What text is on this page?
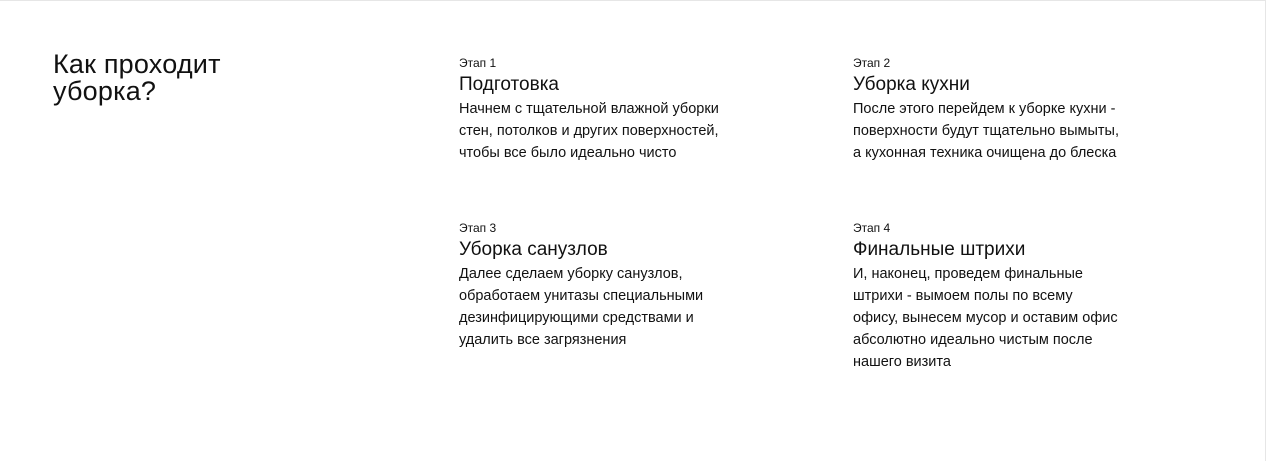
Как проходит
уборка?
Этап 1
Подготовка

Начнем с тщательной влажной уборки
стен, потолков и других поверхностей,
чтобы все было идеально чисто

Этап 2
Уборка кухни

После этого перейдем к уборке кухни -
поверхности будут тщательно вымыты,
а кухонная техника очищена до блеска

Этап 3
Уборка санузлов

Далее сделаем уборку санузлов,
обработаем унитазы специальными
дезинфицирующими средствами и
удалить все загрязнения

Этап 4
Финальные штрихи

И, наконец, проведем финальные
штрихи - вымоем полы по всему
офису, вынесем мусор и оставим офис
абсолютно идеально чистым после
нашего визита
